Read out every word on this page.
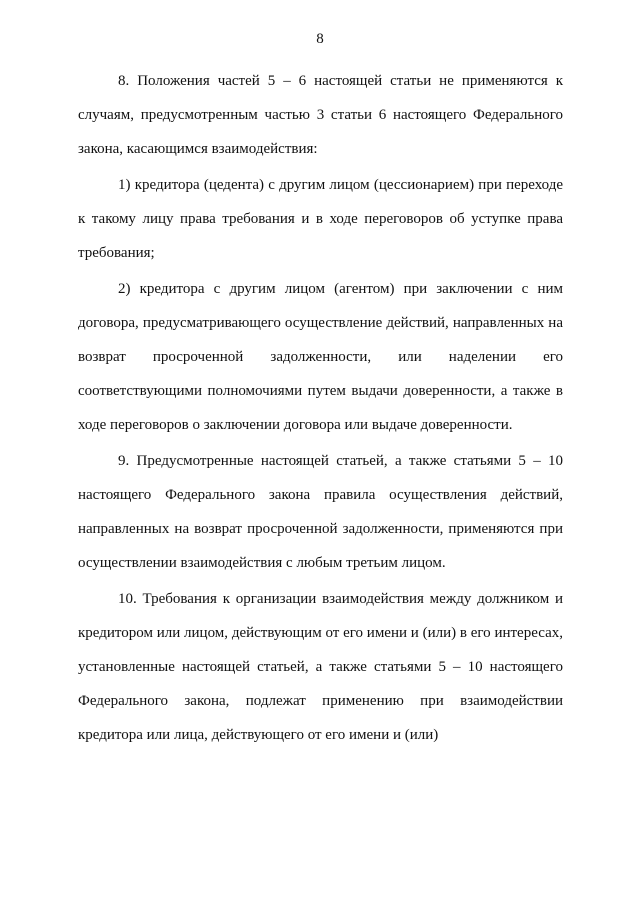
8

8. Положения частей 5 – 6 настоящей статьи не применяются к случаям, предусмотренным частью 3 статьи 6 настоящего Федерального закона, касающимся взаимодействия:

1) кредитора (цедента) с другим лицом (цессионарием) при переходе к такому лицу права требования и в ходе переговоров об уступке права требования;

2) кредитора с другим лицом (агентом) при заключении с ним договора, предусматривающего осуществление действий, направленных на возврат просроченной задолженности, или наделении его соответствующими полномочиями путем выдачи доверенности, а также в ходе переговоров о заключении договора или выдаче доверенности.

9. Предусмотренные настоящей статьей, а также статьями 5 – 10 настоящего Федерального закона правила осуществления действий, направленных на возврат просроченной задолженности, применяются при осуществлении взаимодействия с любым третьим лицом.

10. Требования к организации взаимодействия между должником и кредитором или лицом, действующим от его имени и (или) в его интересах, установленные настоящей статьей, а также статьями 5 – 10 настоящего Федерального закона, подлежат применению при взаимодействии кредитора или лица, действующего от его имени и (или)
